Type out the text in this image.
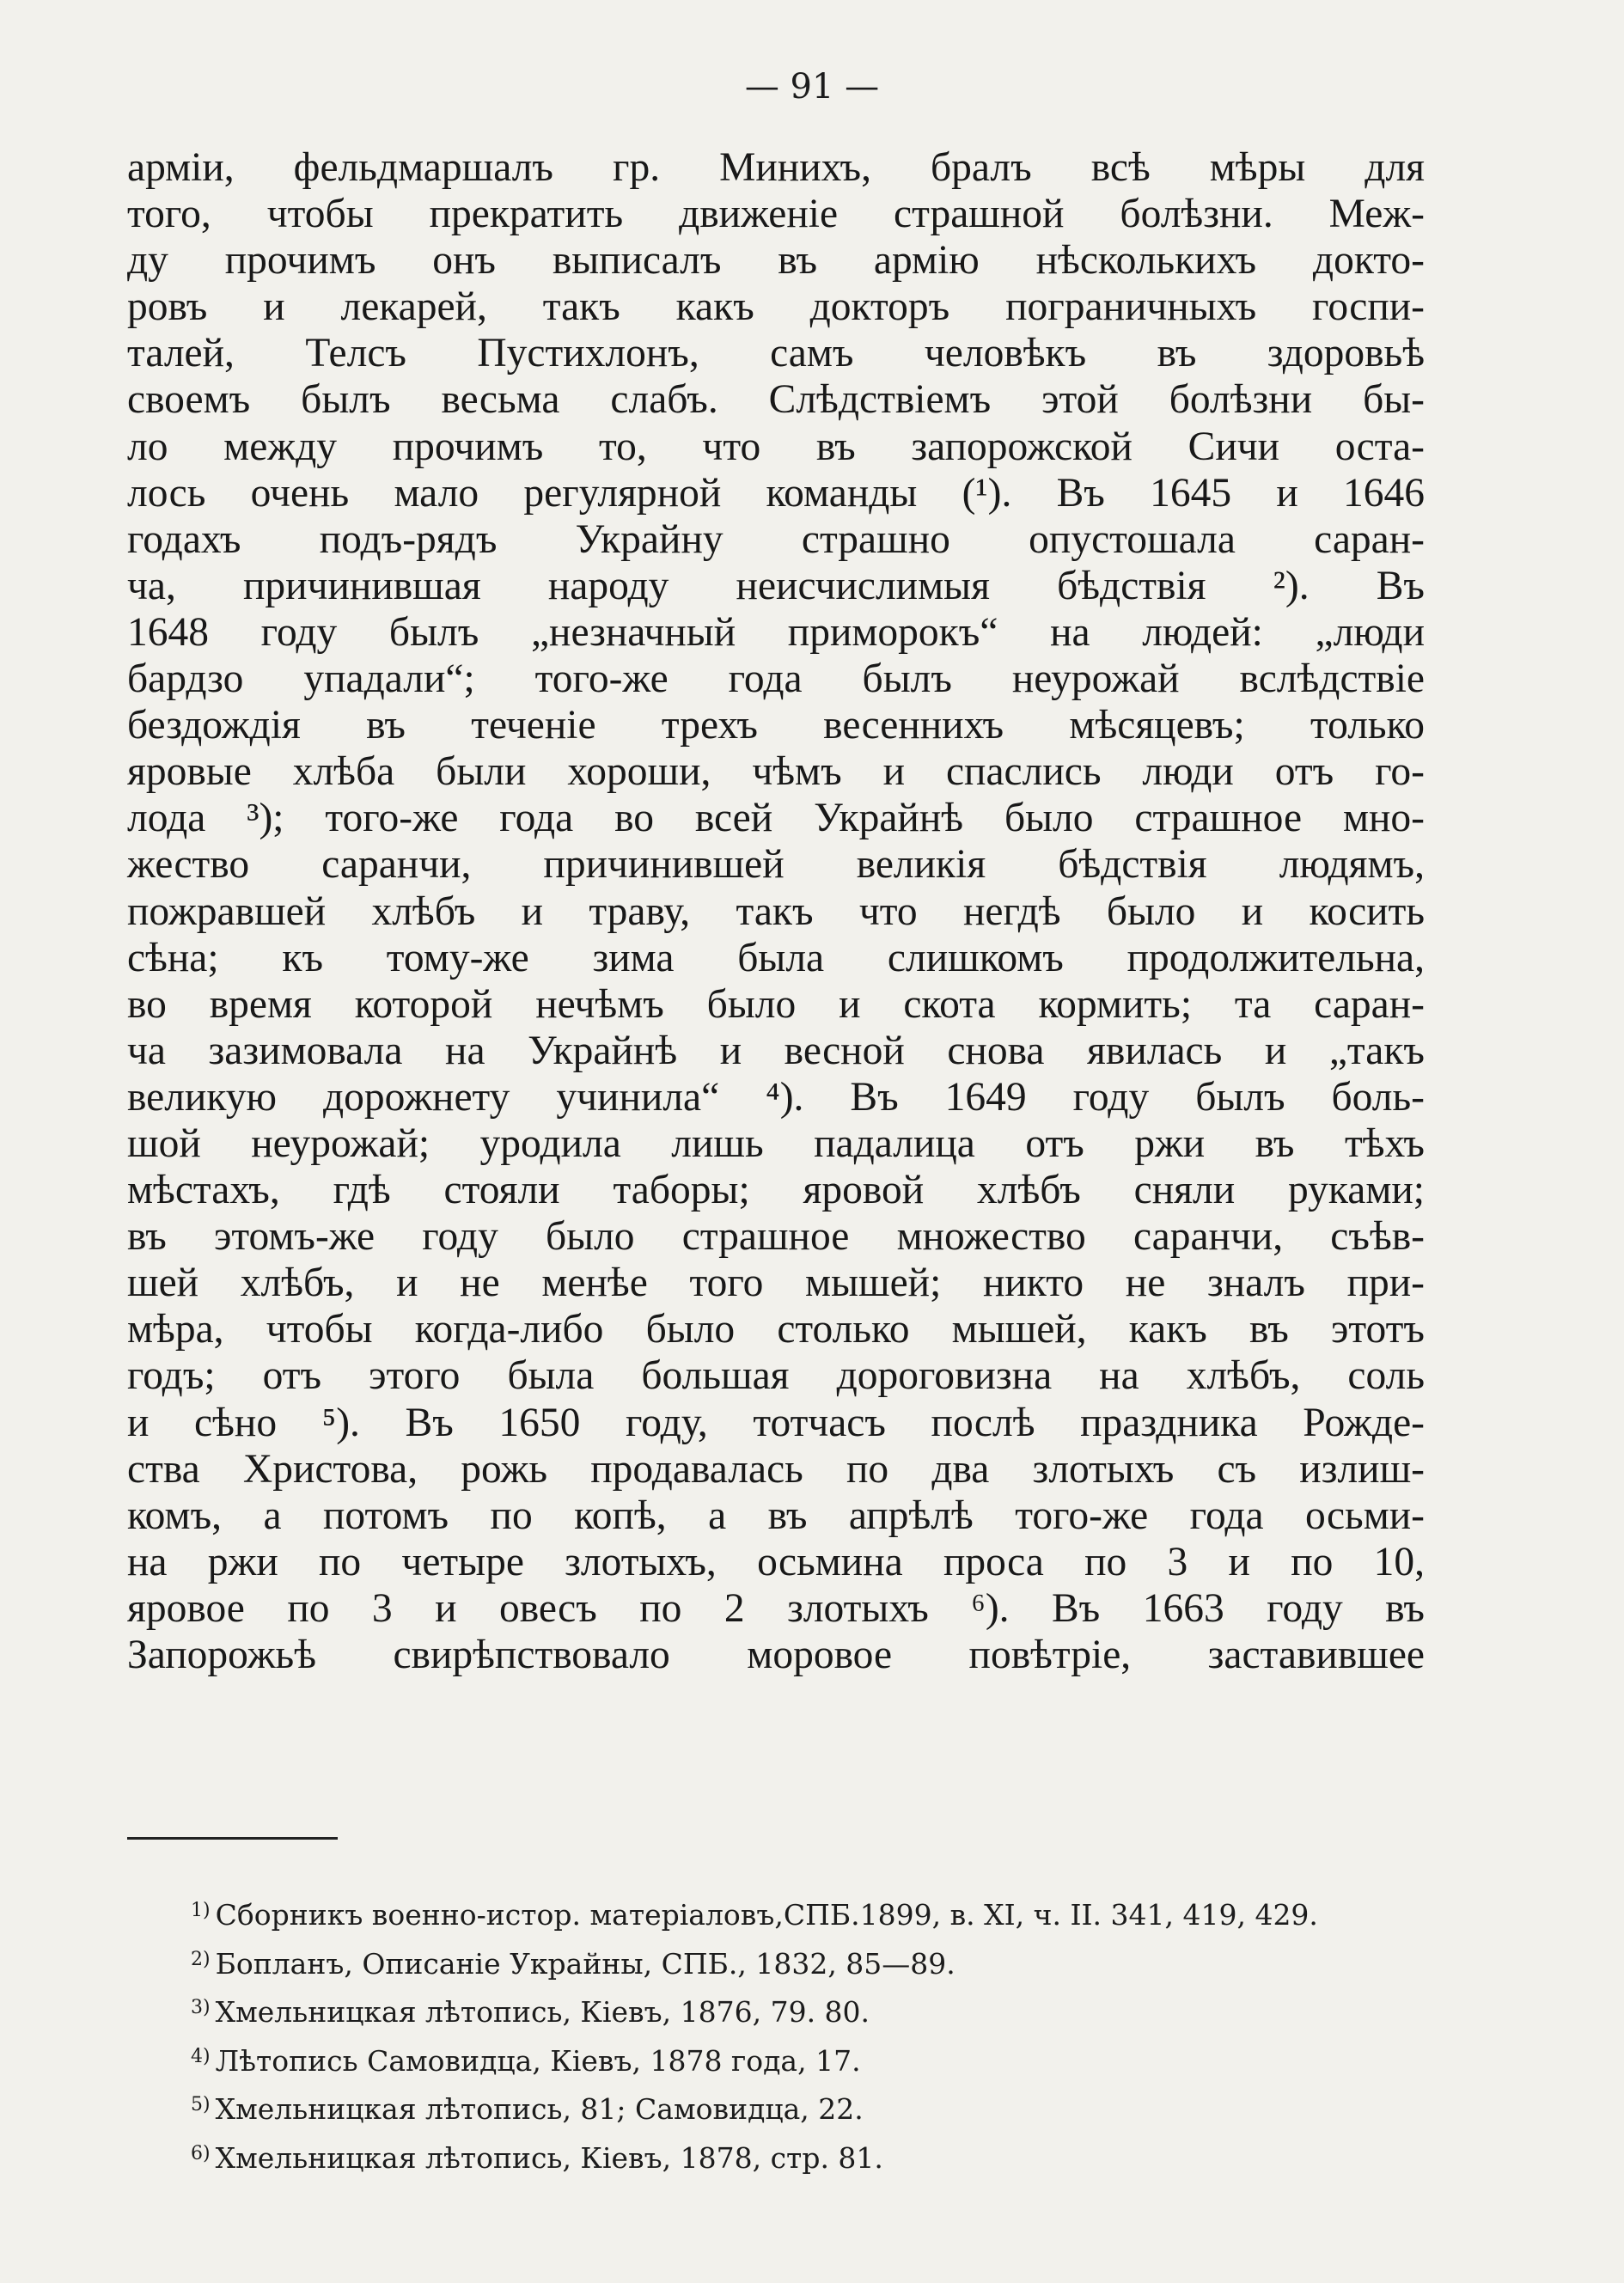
— 91 —
арміи, фельдмаршалъ гр. Минихъ, бралъ всѣ мѣры для
того, чтобы прекратить движеніе страшной болѣзни. Меж-
ду прочимъ онъ выписалъ въ армію нѣсколькихъ докто-
ровъ и лекарей, такъ какъ докторъ пограничныхъ госпи-
талей, Телсъ Пустихлонъ, самъ человѣкъ въ здоровьѣ
своемъ былъ весьма слабъ. Слѣдствіемъ этой болѣзни бы-
ло между прочимъ то, что въ запорожской Сичи оста-
лось очень мало регулярной команды (¹). Въ 1645 и 1646
годахъ подъ-рядъ Украйну страшно опустошала саран-
ча, причинившая народу неисчислимыя бѣдствія ²). Въ
1648 году былъ „незначный приморокъ“ на людей: „люди
бардзо упадали“; того-же года былъ неурожай вслѣдствіе
бездождія въ теченіе трехъ весеннихъ мѣсяцевъ; только
яровые хлѣба были хороши, чѣмъ и спаслись люди отъ го-
лода ³); того-же года во всей Украйнѣ было страшное мно-
жество саранчи, причинившей великія бѣдствія людямъ,
пожравшей хлѣбъ и траву, такъ что негдѣ было и косить
сѣна; къ тому-же зима была слишкомъ продолжительна,
во время которой нечѣмъ было и скота кормить; та саран-
ча зазимовала на Украйнѣ и весной снова явилась и „такъ
великую дорожнету учинила“ ⁴). Въ 1649 году былъ боль-
шой неурожай; уродила лишь падалица отъ ржи въ тѣхъ
мѣстахъ, гдѣ стояли таборы; яровой хлѣбъ сняли руками;
въ этомъ-же году было страшное множество саранчи, съѣв-
шей хлѣбъ, и не менѣе того мышей; никто не зналъ при-
мѣра, чтобы когда-либо было столько мышей, какъ въ этотъ
годъ; отъ этого была большая дороговизна на хлѣбъ, соль
и сѣно ⁵). Въ 1650 году, тотчасъ послѣ праздника Рожде-
ства Христова, рожь продавалась по два злотыхъ съ излиш-
комъ, а потомъ по копѣ, а въ апрѣлѣ того-же года осьми-
на ржи по четыре злотыхъ, осьмина проса по 3 и по 10,
яровое по 3 и овесъ по 2 злотыхъ ⁶). Въ 1663 году въ
Запорожьѣ свирѣпствовало моровое повѣтріе, заставившее
$^{1)}$ Сборникъ военно-истор. матеріаловъ,СПБ.1899, в. XI, ч. II. 341, 419, 429.
$^{2)}$ Бопланъ, Описаніе Украйны, СПБ., 1832, 85—89.
$^{3)}$ Хмельницкая лѣтопись, Кіевъ, 1876, 79. 80.
$^{4)}$ Лѣтопись Самовидца, Кіевъ, 1878 года, 17.
$^{5)}$ Хмельницкая лѣтопись, 81; Самовидца, 22.
$^{6)}$ Хмельницкая лѣтопись, Кіевъ, 1878, стр. 81.
